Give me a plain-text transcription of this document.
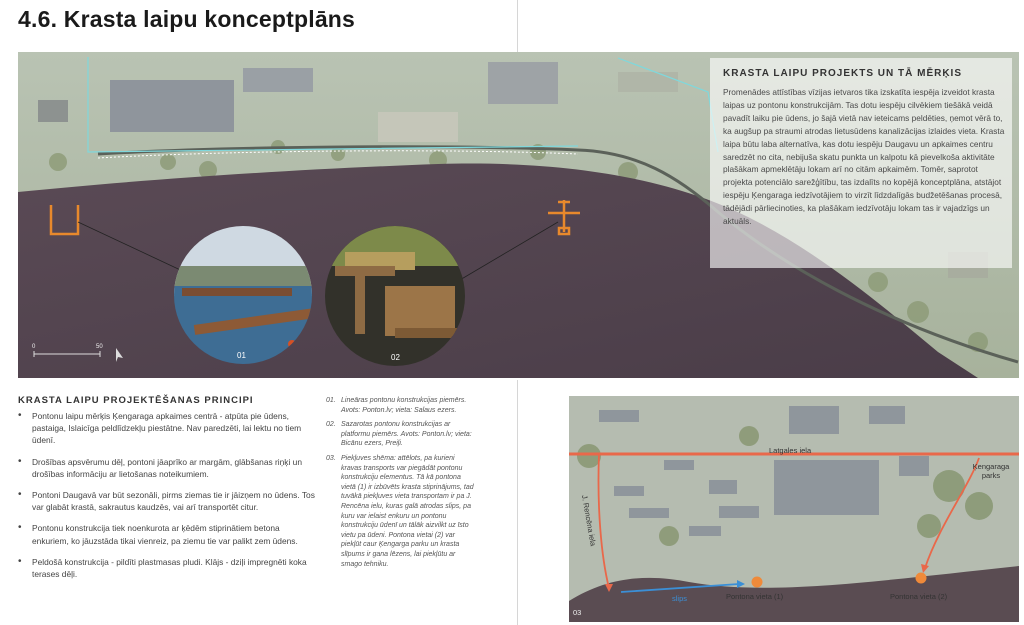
4.6. Krasta laipu konceptplāns
0	50
01	02
KRASTA LAIPU PROJEKTS UN TĀ MĒRĶIS
Promenādes attīstības vīzijas ietvaros tika izskatīta iespēja izveidot krasta laipas uz pontonu konstrukcijām. Tas dotu iespēju cilvēkiem tiešākā veidā pavadīt laiku pie ūdens, jo šajā vietā nav ieteicams peldēties, ņemot vērā to, ka augšup pa straumi atrodas lietusūdens kanalizācijas izlaides vieta. Krasta laipa būtu laba alternatīva, kas dotu iespēju Daugavu un apkaimes centru saredzēt no cita, nebijuša skatu punkta un kalpotu kā pievelkoša aktivitāte plašākam apmeklētāju lokam arī no citām apkaimēm. Tomēr, saprotot projekta potenciālo sarežģītību, tas izdalīts no kopējā konceptplāna, atstājot iespēju Ķengaraga iedzīvotājiem to virzīt līdzdalīgās budžetēšanas procesā, tādējādi pārliecinoties, ka plašākam iedzīvotāju lokam tas ir vajadzīgs un aktuāls.
KRASTA LAIPU PROJEKTĒŠANAS PRINCIPI
• Pontonu laipu mērķis Ķengaraga apkaimes centrā - atpūta pie ūdens, pastaiga, Islaicīga peldlīdzekļu piestātne. Nav paredzēti, lai lektu no tiem ūdenī.
• Drošības apsvērumu dēļ, pontoni jāaprīko ar margām, glābšanas riņķi un drošības informāciju ar lietošanas noteikumiem.
• Pontoni Daugavā var būt sezonāli, pirms ziemas tie ir jāizņem no ūdens. Tos var glabāt krastā, sakrautus kaudzēs, vai arī transportēt citur.
• Pontonu konstrukcija tiek noenkurota ar ķēdēm stiprinātiem betona enkuriem, ko jāuzstāda tikai vienreiz, pa ziemu tie var palikt zem ūdens.
• Peldošā konstrukcija - pildīti plastmasas pludi. Klājs - dziļi impregnēti koka terases dēļi.
01. Lineāras pontonu konstrukcijas piemērs. Avots: Ponton.lv; vieta: Salaus ezers.
02. Sazarotas pontonu konstrukcijas ar platformu piemērs. Avots: Ponton.lv; vieta: Bicānu ezers, Preiļi.
03. Piekļuves shēma: attēlots, pa kurieni kravas transports var piegādāt pontonu konstrukciju elementus. Tā kā pontona vietā (1) ir izbūvēts krasta stiprinājums, tad tuvākā piekļuves vieta transportam ir pa J. Rencēna ielu, kuras galā atrodas slips, pa kuru var ielaist enkuru un pontonu konstrukciju ūdenī un tālāk aizvilkt uz īsto vietu pa ūdeni. Pontona vietai (2) var piekļūt caur Ķengarga parku un krasta slīpums ir gana lēzens, lai piekļūtu ar smago tehniku.
Latgales iela
Ķengaraga parks
J. Rencēna iela
slips	Pontona vieta (1)	Pontona vieta (2)
03
